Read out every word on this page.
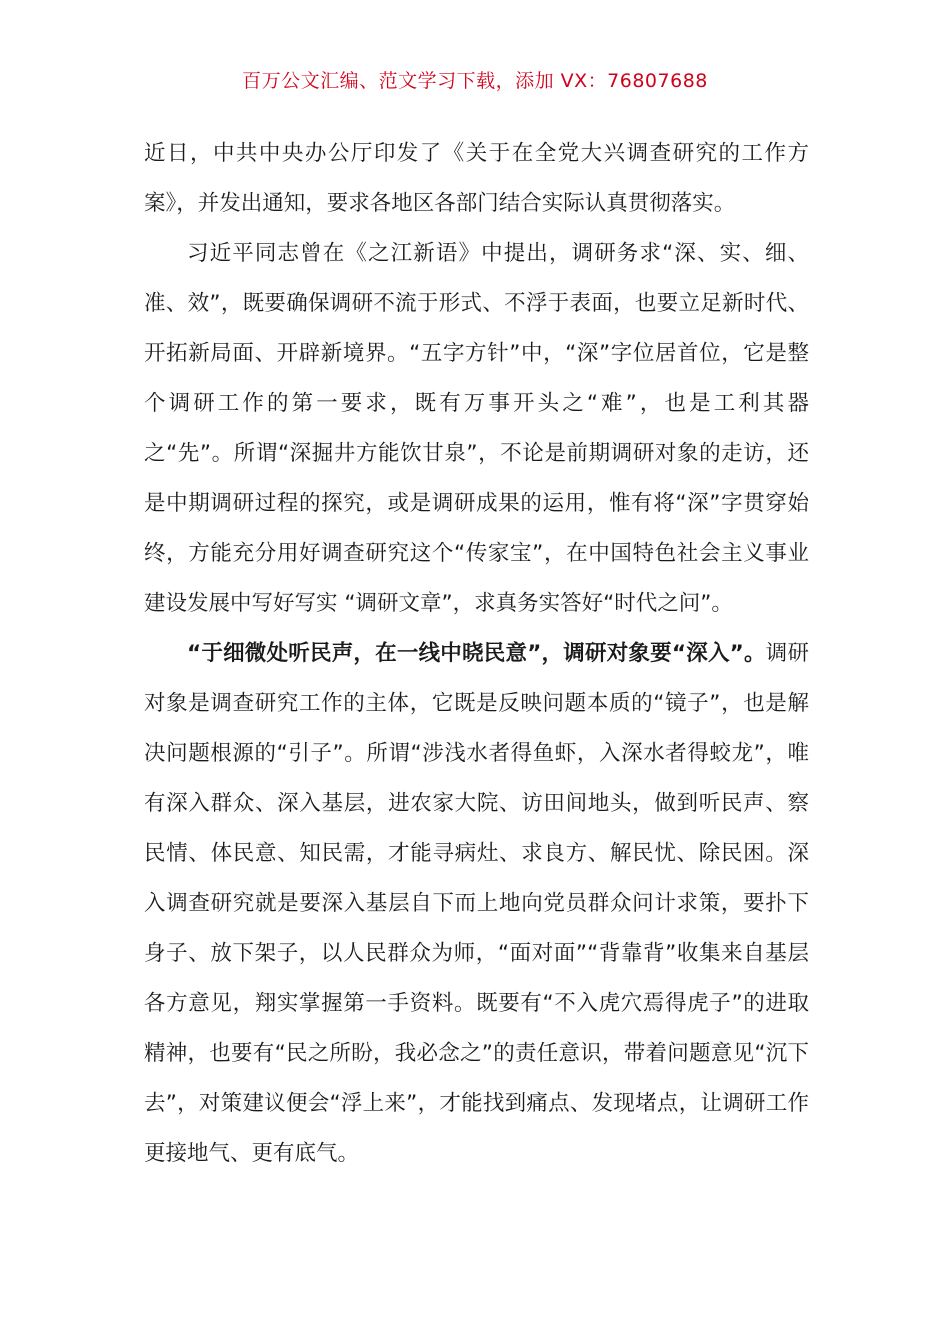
百万公文汇编、范文学习下载，添加 VX：76807688

近日，中共中央办公厅印发了《关于在全党大兴调查研究的工作方案》，并发出通知，要求各地区各部门结合实际认真贯彻落实。

习近平同志曾在《之江新语》中提出，调研务求“深、实、细、准、效”，既要确保调研不流于形式、不浮于表面，也要立足新时代、开拓新局面、开辟新境界。“五字方针”中，“深”字位居首位，它是整个调研工作的第一要求，既有万事开头之“难”，也是工利其器之“先”。所谓“深掘井方能饮甘泉”，不论是前期调研对象的走访，还是中期调研过程的探究，或是调研成果的运用，惟有将“深”字贯穿始终，方能充分用好调查研究这个“传家宝”，在中国特色社会主义事业建设发展中写好写实 “调研文章”，求真务实答好“时代之问”。

“于细微处听民声，在一线中晓民意”，调研对象要“深入”。调研对象是调查研究工作的主体，它既是反映问题本质的“镜子”，也是解决问题根源的“引子”。所谓“涉浅水者得鱼虾，入深水者得蛟龙”，唯有深入群众、深入基层，进农家大院、访田间地头，做到听民声、察民情、体民意、知民需，才能寻病灶、求良方、解民忧、除民困。深入调查研究就是要深入基层自下而上地向党员群众问计求策，要扑下身子、放下架子，以人民群众为师，“面对面”“背靠背”收集来自基层各方意见，翔实掌握第一手资料。既要有“不入虎穴焉得虎子”的进取精神，也要有“民之所盼，我必念之”的责任意识，带着问题意见“沉下去”，对策建议便会“浮上来”，才能找到痛点、发现堵点，让调研工作更接地气、更有底气。
